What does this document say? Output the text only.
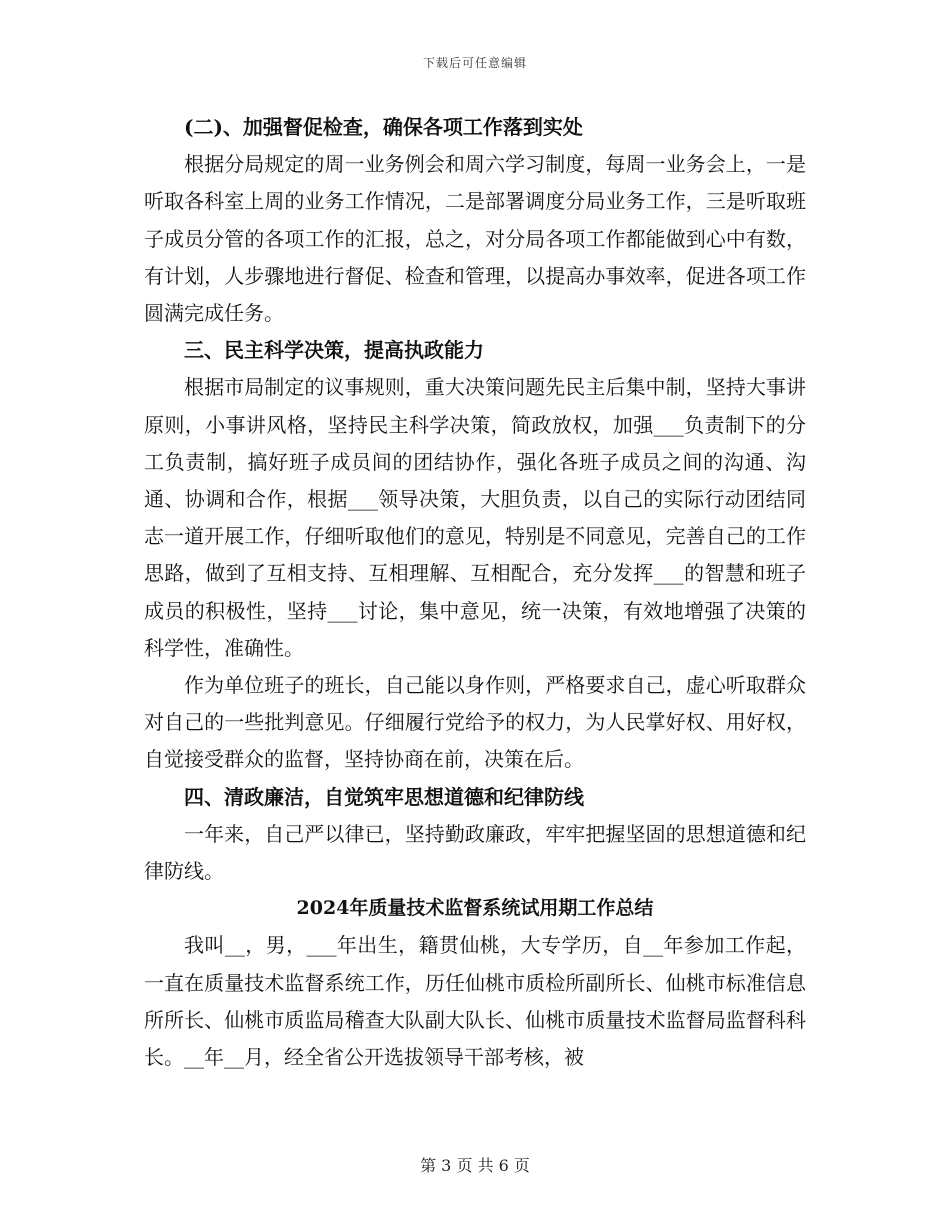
下载后可任意编辑

(二)、加强督促检查，确保各项工作落到实处

根据分局规定的周一业务例会和周六学习制度，每周一业务会上，一是听取各科室上周的业务工作情况，二是部署调度分局业务工作，三是听取班子成员分管的各项工作的汇报，总之，对分局各项工作都能做到心中有数，有计划，人步骤地进行督促、检查和管理，以提高办事效率，促进各项工作圆满完成任务。

三、民主科学决策，提高执政能力

根据市局制定的议事规则，重大决策问题先民主后集中制，坚持大事讲原则，小事讲风格，坚持民主科学决策，简政放权，加强___负责制下的分工负责制，搞好班子成员间的团结协作，强化各班子成员之间的沟通、沟通、协调和合作，根据___领导决策，大胆负责，以自己的实际行动团结同志一道开展工作，仔细听取他们的意见，特别是不同意见，完善自己的工作思路，做到了互相支持、互相理解、互相配合，充分发挥___的智慧和班子成员的积极性，坚持___讨论，集中意见，统一决策，有效地增强了决策的科学性，准确性。

作为单位班子的班长，自己能以身作则，严格要求自己，虚心听取群众对自己的一些批判意见。仔细履行党给予的权力，为人民掌好权、用好权，自觉接受群众的监督，坚持协商在前，决策在后。

四、清政廉洁，自觉筑牢思想道德和纪律防线

一年来，自己严以律已，坚持勤政廉政，牢牢把握坚固的思想道德和纪律防线。

2024年质量技术监督系统试用期工作总结

我叫__，男，___年出生，籍贯仙桃，大专学历，自__年参加工作起，一直在质量技术监督系统工作，历任仙桃市质检所副所长、仙桃市标准信息所所长、仙桃市质监局稽查大队副大队长、仙桃市质量技术监督局监督科科长。__年__月，经全省公开选拔领导干部考核，被

第 3 页 共 6 页
